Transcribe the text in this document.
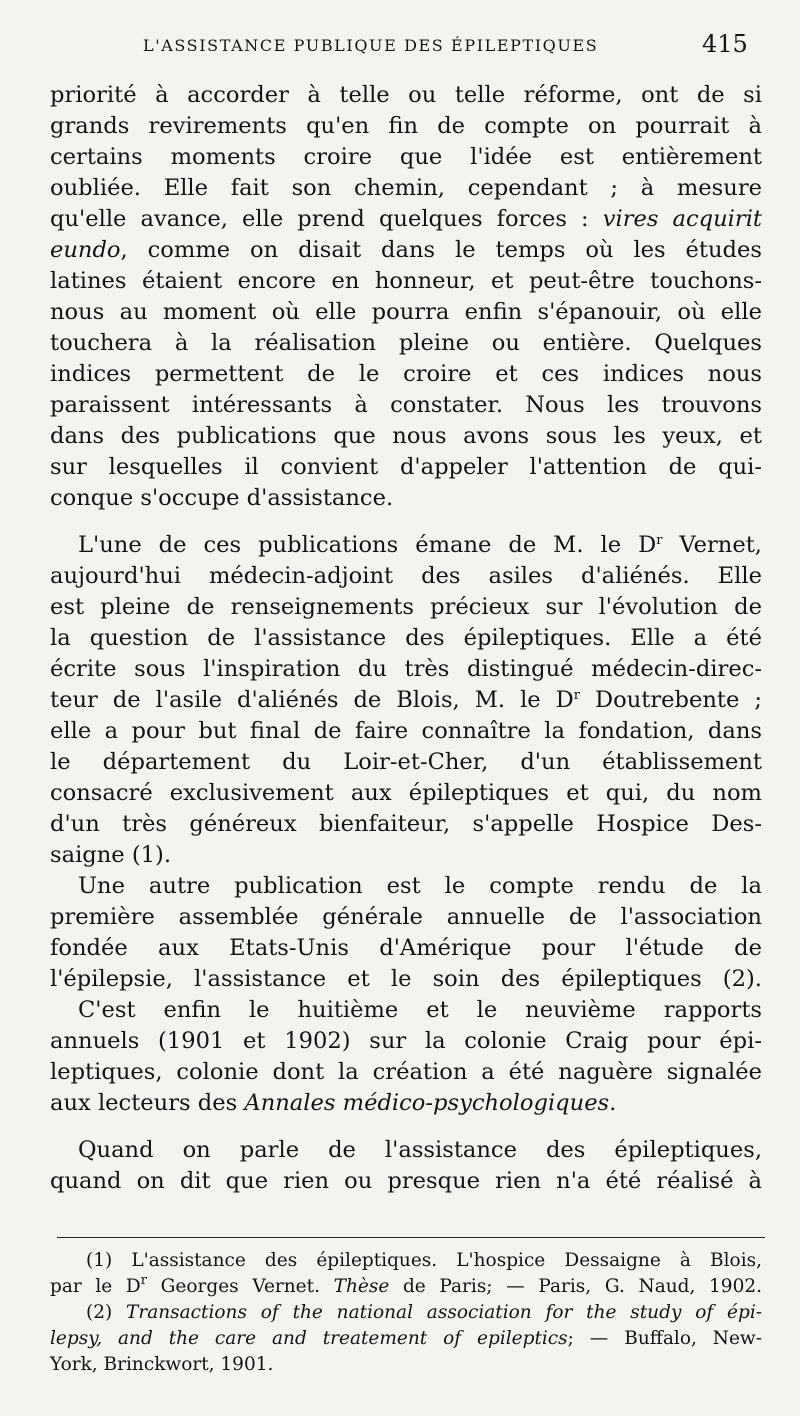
L'ASSISTANCE PUBLIQUE DES ÉPILEPTIQUES	415
priorité à accorder à telle ou telle réforme, ont de si
grands revirements qu'en fin de compte on pourrait à
certains moments croire que l'idée est entièrement
oubliée. Elle fait son chemin, cependant ; à mesure
qu'elle avance, elle prend quelques forces : vires acquirit
eundo, comme on disait dans le temps où les études
latines étaient encore en honneur, et peut-être touchons-
nous au moment où elle pourra enfin s'épanouir, où elle
touchera à la réalisation pleine ou entière. Quelques
indices permettent de le croire et ces indices nous
paraissent intéressants à constater. Nous les trouvons
dans des publications que nous avons sous les yeux, et
sur lesquelles il convient d'appeler l'attention de qui-
conque s'occupe d'assistance.
L'une de ces publications émane de M. le $D^r$ Vernet,
aujourd'hui médecin-adjoint des asiles d'aliénés. Elle
est pleine de renseignements précieux sur l'évolution de
la question de l'assistance des épileptiques. Elle a été
écrite sous l'inspiration du très distingué médecin-direc-
teur de l'asile d'aliénés de Blois, M. le $D^r$ Doutrebente ;
elle a pour but final de faire connaître la fondation, dans
le département du Loir-et-Cher, d'un établissement
consacré exclusivement aux épileptiques et qui, du nom
d'un très généreux bienfaiteur, s'appelle Hospice Des-
saigne (1).
Une autre publication est le compte rendu de la
première assemblée générale annuelle de l'association
fondée aux Etats-Unis d'Amérique pour l'étude de
l'épilepsie, l'assistance et le soin des épileptiques (2).
C'est enfin le huitième et le neuvième rapports
annuels (1901 et 1902) sur la colonie Craig pour épi-
leptiques, colonie dont la création a été naguère signalée
aux lecteurs des Annales médico-psychologiques.
Quand on parle de l'assistance des épileptiques,
quand on dit que rien ou presque rien n'a été réalisé à
(1) L'assistance des épileptiques. L'hospice Dessaigne à Blois,
par le $D^r$ Georges Vernet. Thèse de Paris; — Paris, G. Naud, 1902.
(2) Transactions of the national association for the study of épi-
lepsy, and the care and treatement of epileptics; — Buffalo, New-
York, Brinckwort, 1901.
